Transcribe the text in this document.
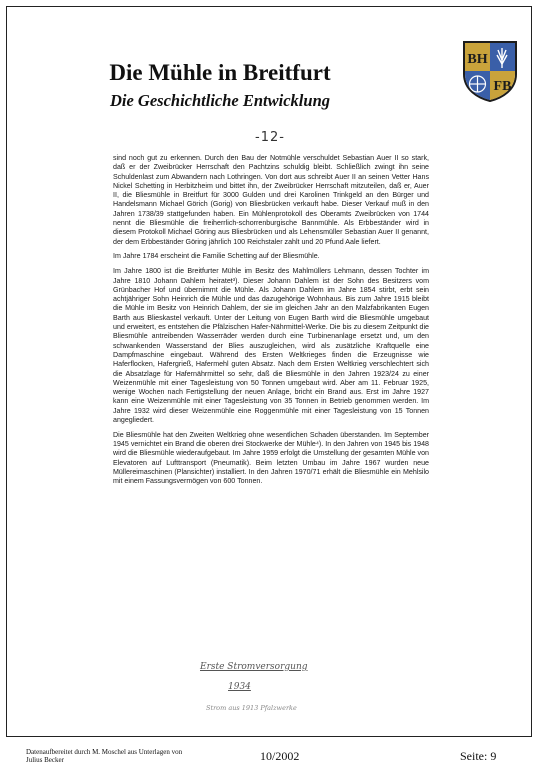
Die Mühle in Breitfurt
Die Geschichtliche Entwicklung
BH
FB
-12-

sind noch gut zu erkennen. Durch den Bau der Notmühle verschuldet Sebastian Auer II so stark, daß er der Zweibrücker Herrschaft den Pachtzins schuldig bleibt. Schließlich zwingt ihn seine Schuldenlast zum Abwandern nach Lothringen. Von dort aus schreibt Auer II an seinen Vetter Hans Nickel Schetting in Herbitzheim und bittet ihn, der Zweibrücker Herrschaft mitzuteilen, daß er, Auer II, die Bliesmühle in Breitfurt für 3000 Gulden und drei Karolinen Trinkgeld an den Bürger und Handelsmann Michael Görich (Gorig) von Bliesbrücken verkauft habe. Dieser Verkauf muß in den Jahren 1738/39 stattgefunden haben. Ein Mühlenprotokoll des Oberamts Zweibrücken von 1744 nennt die Bliesmühle die freiherrlich-schorrenburgische Bannmühle. Als Erbbeständer wird in diesem Protokoll Michael Göring aus Bliesbrücken und als Lehensmüller Sebastian Auer II genannt, der dem Erbbeständer Göring jährlich 100 Reichstaler zahlt und 20 Pfund Aale liefert.

Im Jahre 1784 erscheint die Familie Schetting auf der Bliesmühle.

Im Jahre 1800 ist die Breitfurter Mühle im Besitz des Mahlmüllers Lehmann, dessen Tochter im Jahre 1810 Johann Dahlem heiratet³). Dieser Johann Dahlem ist der Sohn des Besitzers vom Grünbacher Hof und übernimmt die Mühle. Als Johann Dahlem im Jahre 1854 stirbt, erbt sein achtjähriger Sohn Heinrich die Mühle und das dazugehörige Wohnhaus. Bis zum Jahre 1915 bleibt die Mühle im Besitz von Heinrich Dahlem, der sie im gleichen Jahr an den Malzfabrikanten Eugen Barth aus Blieskastel verkauft. Unter der Leitung von Eugen Barth wird die Bliesmühle umgebaut und erweitert, es entstehen die Pfälzischen Hafer-Nährmittel-Werke. Die bis zu diesem Zeitpunkt die Bliesmühle antreibenden Wasserräder werden durch eine Turbinenanlage ersetzt und, um den schwankenden Wasserstand der Blies auszugleichen, wird als zusätzliche Kraftquelle eine Dampfmaschine eingebaut. Während des Ersten Weltkrieges finden die Erzeugnisse wie Haferflocken, Hafergrieß, Hafermehl guten Absatz. Nach dem Ersten Weltkrieg verschlechtert sich die Absatzlage für Hafernährmittel so sehr, daß die Bliesmühle in den Jahren 1923/24 zu einer Weizenmühle mit einer Tagesleistung von 50 Tonnen umgebaut wird. Aber am 11. Februar 1925, wenige Wochen nach Fertigstellung der neuen Anlage, bricht ein Brand aus. Erst im Jahre 1927 kann eine Weizenmühle mit einer Tagesleistung von 35 Tonnen in Betrieb genommen werden. Im Jahre 1932 wird dieser Weizenmühle eine Roggenmühle mit einer Tagesleistung von 15 Tonnen angegliedert.

Die Bliesmühle hat den Zweiten Weltkrieg ohne wesentlichen Schaden überstanden. Im September 1945 vernichtet ein Brand die oberen drei Stockwerke der Mühle⁴). In den Jahren von 1945 bis 1948 wird die Bliesmühle wiederaufgebaut. Im Jahre 1959 erfolgt die Umstellung der gesamten Mühle von Elevatoren auf Lufttransport (Pneumatik). Beim letzten Umbau im Jahre 1967 wurden neue Müllereimaschinen (Plansichter) installiert. In den Jahren 1970/71 erhält die Bliesmühle ein Mehlsilo mit einem Fassungsvermögen von 600 Tonnen.

Erste Stromversorgung
1934
Strom aus 1913 Pfalzwerke
Datenaufbereitet durch M. Moschel aus Unterlagen von
Julius Becker	10/2002	Seite: 9
